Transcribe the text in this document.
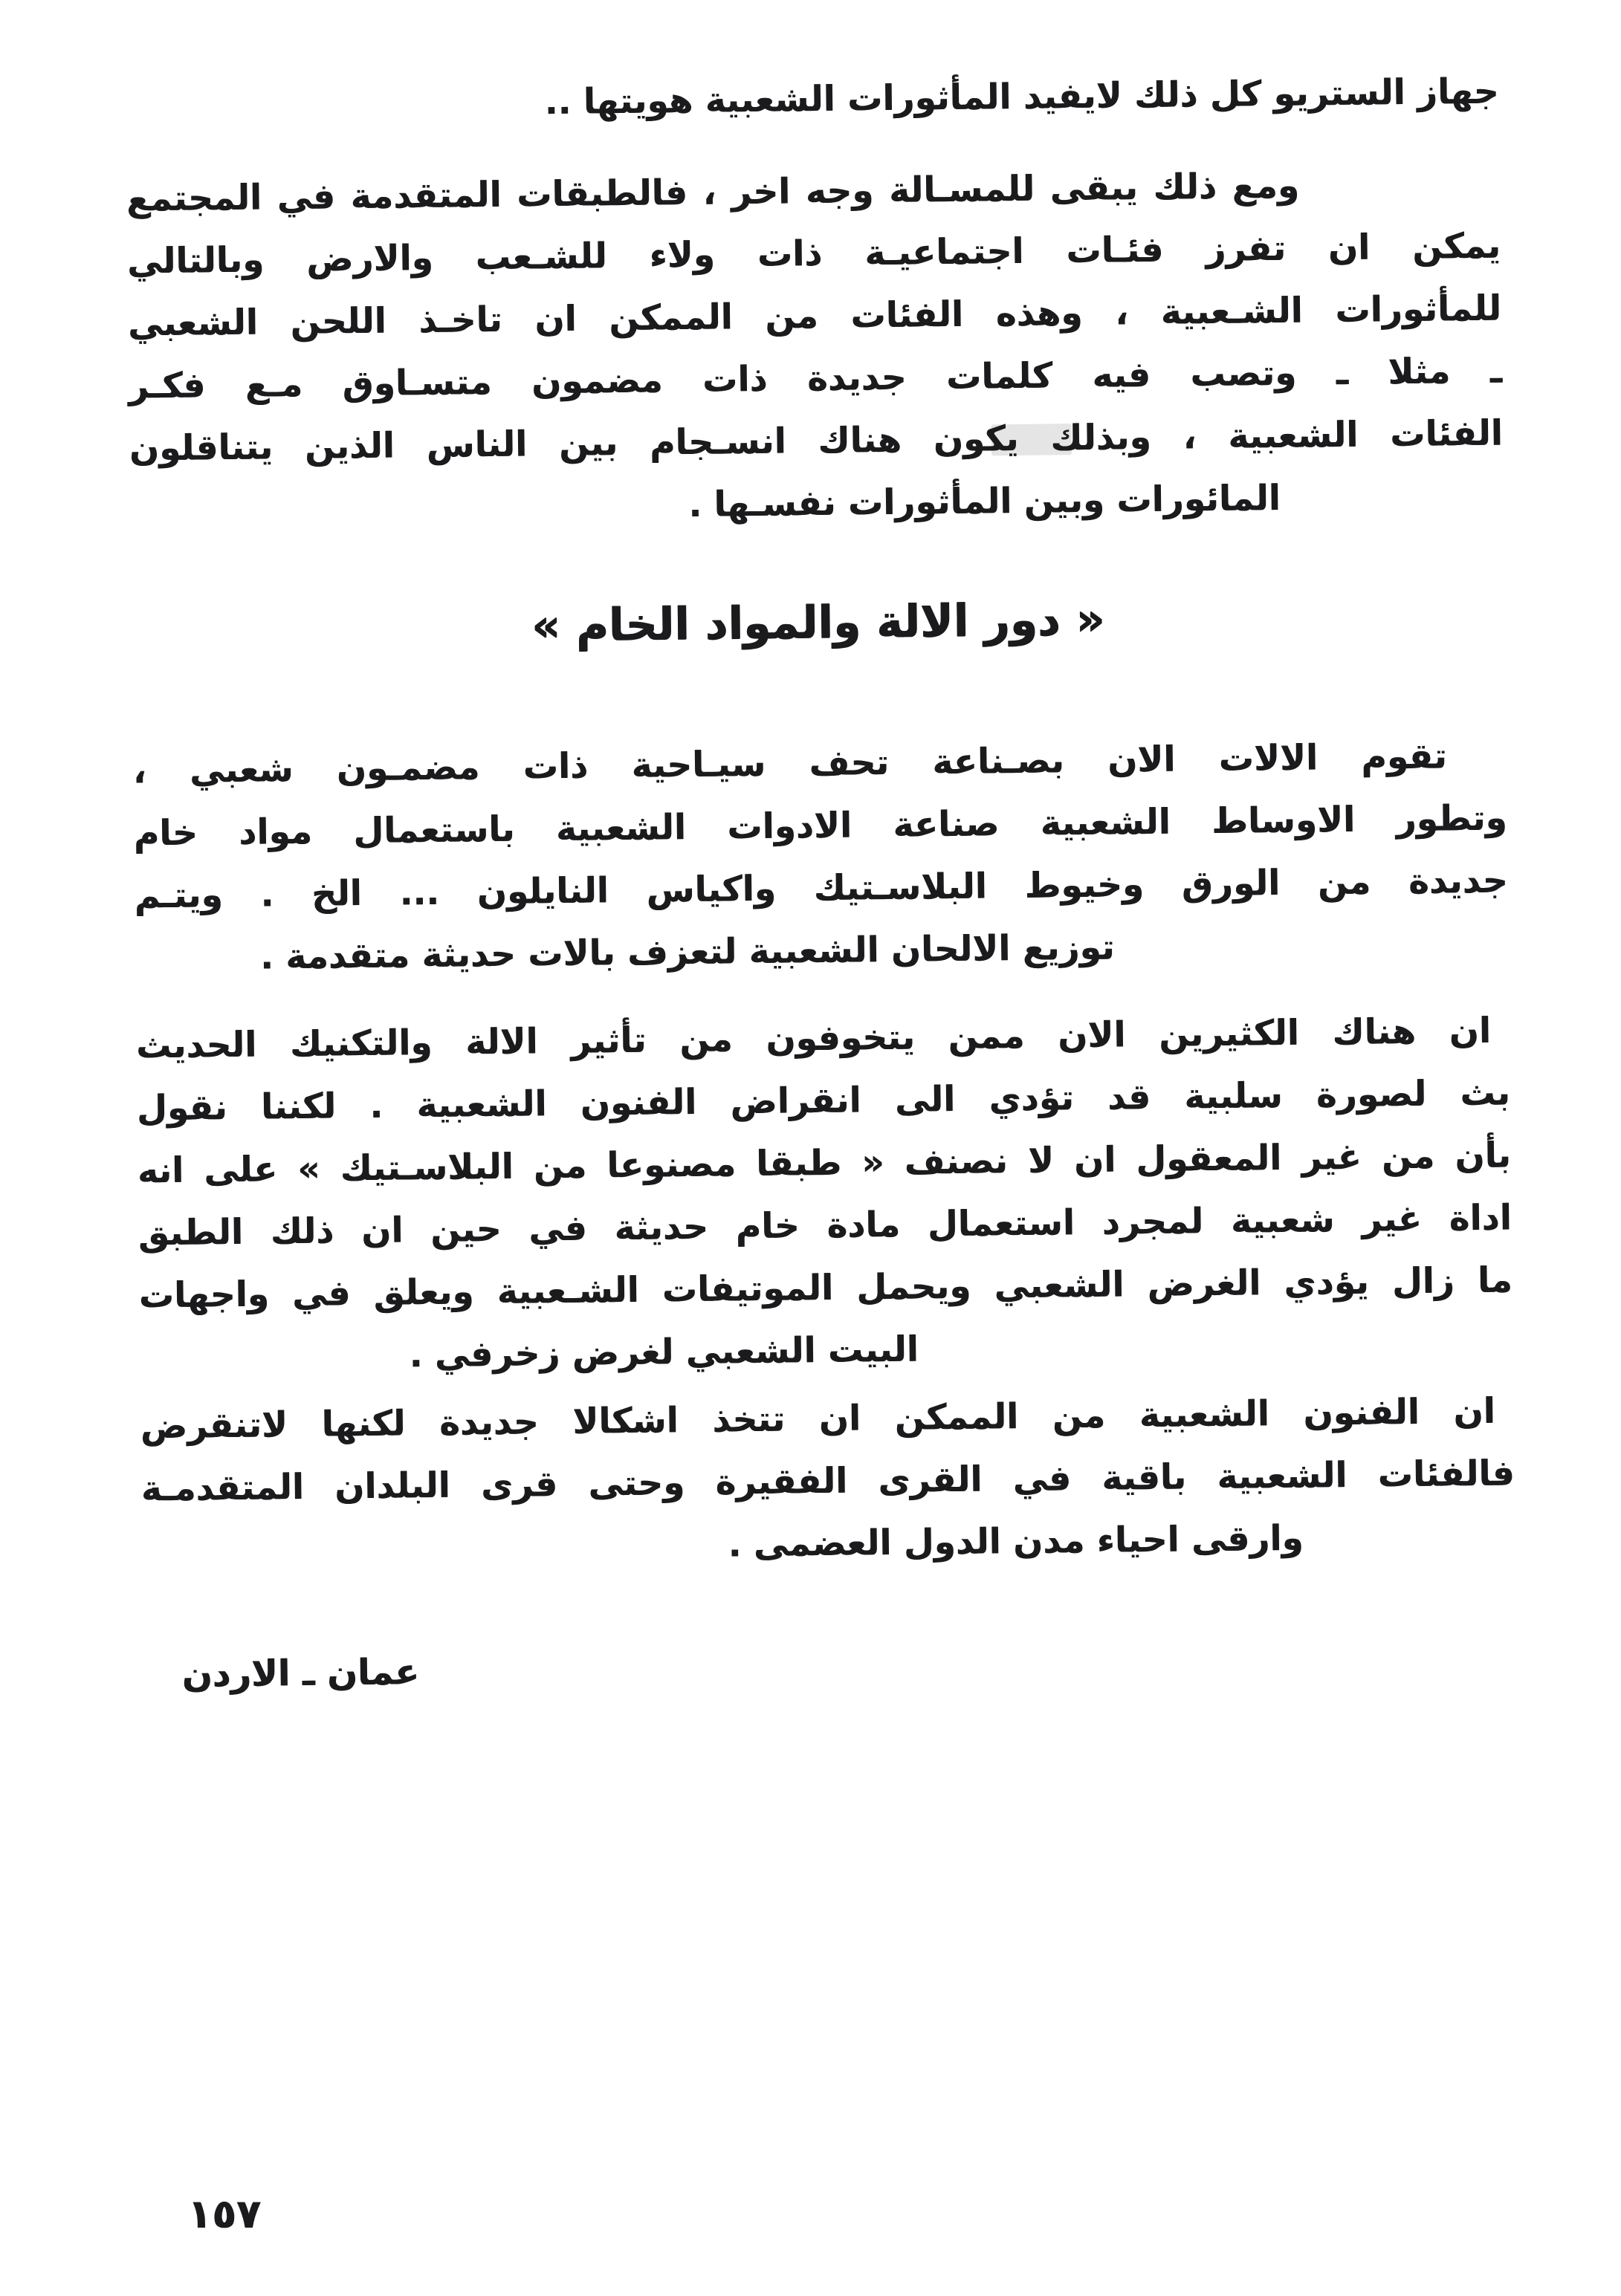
جهاز الستريو كل ذلك لايفيد المأثورات الشعبية هويتها ..
ومع ذلك يبقى للمسـالة وجه اخر ، فالطبقات المتقدمة في المجتمع
يمكن ان تفرز فئـات اجتماعيـة ذات ولاء للشـعب والارض وبالتالي
للمأثورات الشـعبية ، وهذه الفئات من الممكن ان تاخـذ اللحن الشعبي
ـ مثلا ـ وتصب فيه كلمات جديدة ذات مضمون متسـاوق مـع فكـر
الفئات الشعبية ، وبذلك يكون هناك انسـجام بين الناس الذين يتناقلون
المائورات وبين المأثورات نفسـها .
« دور الالة والمواد الخام »
تقوم الالات الان بصـناعة تحف سيـاحية ذات مضمـون شعبي ،
وتطور الاوساط الشعبية صناعة الادوات الشعبية باستعمال مواد خام
جديدة من الورق وخيوط البلاسـتيك واكياس النايلون ... الخ . ويتـم
توزيع الالحان الشعبية لتعزف بالات حديثة متقدمة .
ان هناك الكثيرين الان ممن يتخوفون من تأثير الالة والتكنيك الحديث
بث لصورة سلبية قد تؤدي الى انقراض الفنون الشعبية . لكننا نقول
بأن من غير المعقول ان لا نصنف « طبقا مصنوعا من البلاسـتيك » على انه
اداة غير شعبية لمجرد استعمال مادة خام حديثة في حين ان ذلك الطبق
ما زال يؤدي الغرض الشعبي ويحمل الموتيفات الشـعبية ويعلق في واجهات
البيت الشعبي لغرض زخرفي .
ان الفنون الشعبية من الممكن ان تتخذ اشكالا جديدة لكنها لاتنقرض
فالفئات الشعبية باقية في القرى الفقيرة وحتى قرى البلدان المتقدمـة
وارقى احياء مدن الدول العضمى .
عمان ـ الاردن
١٥٧
